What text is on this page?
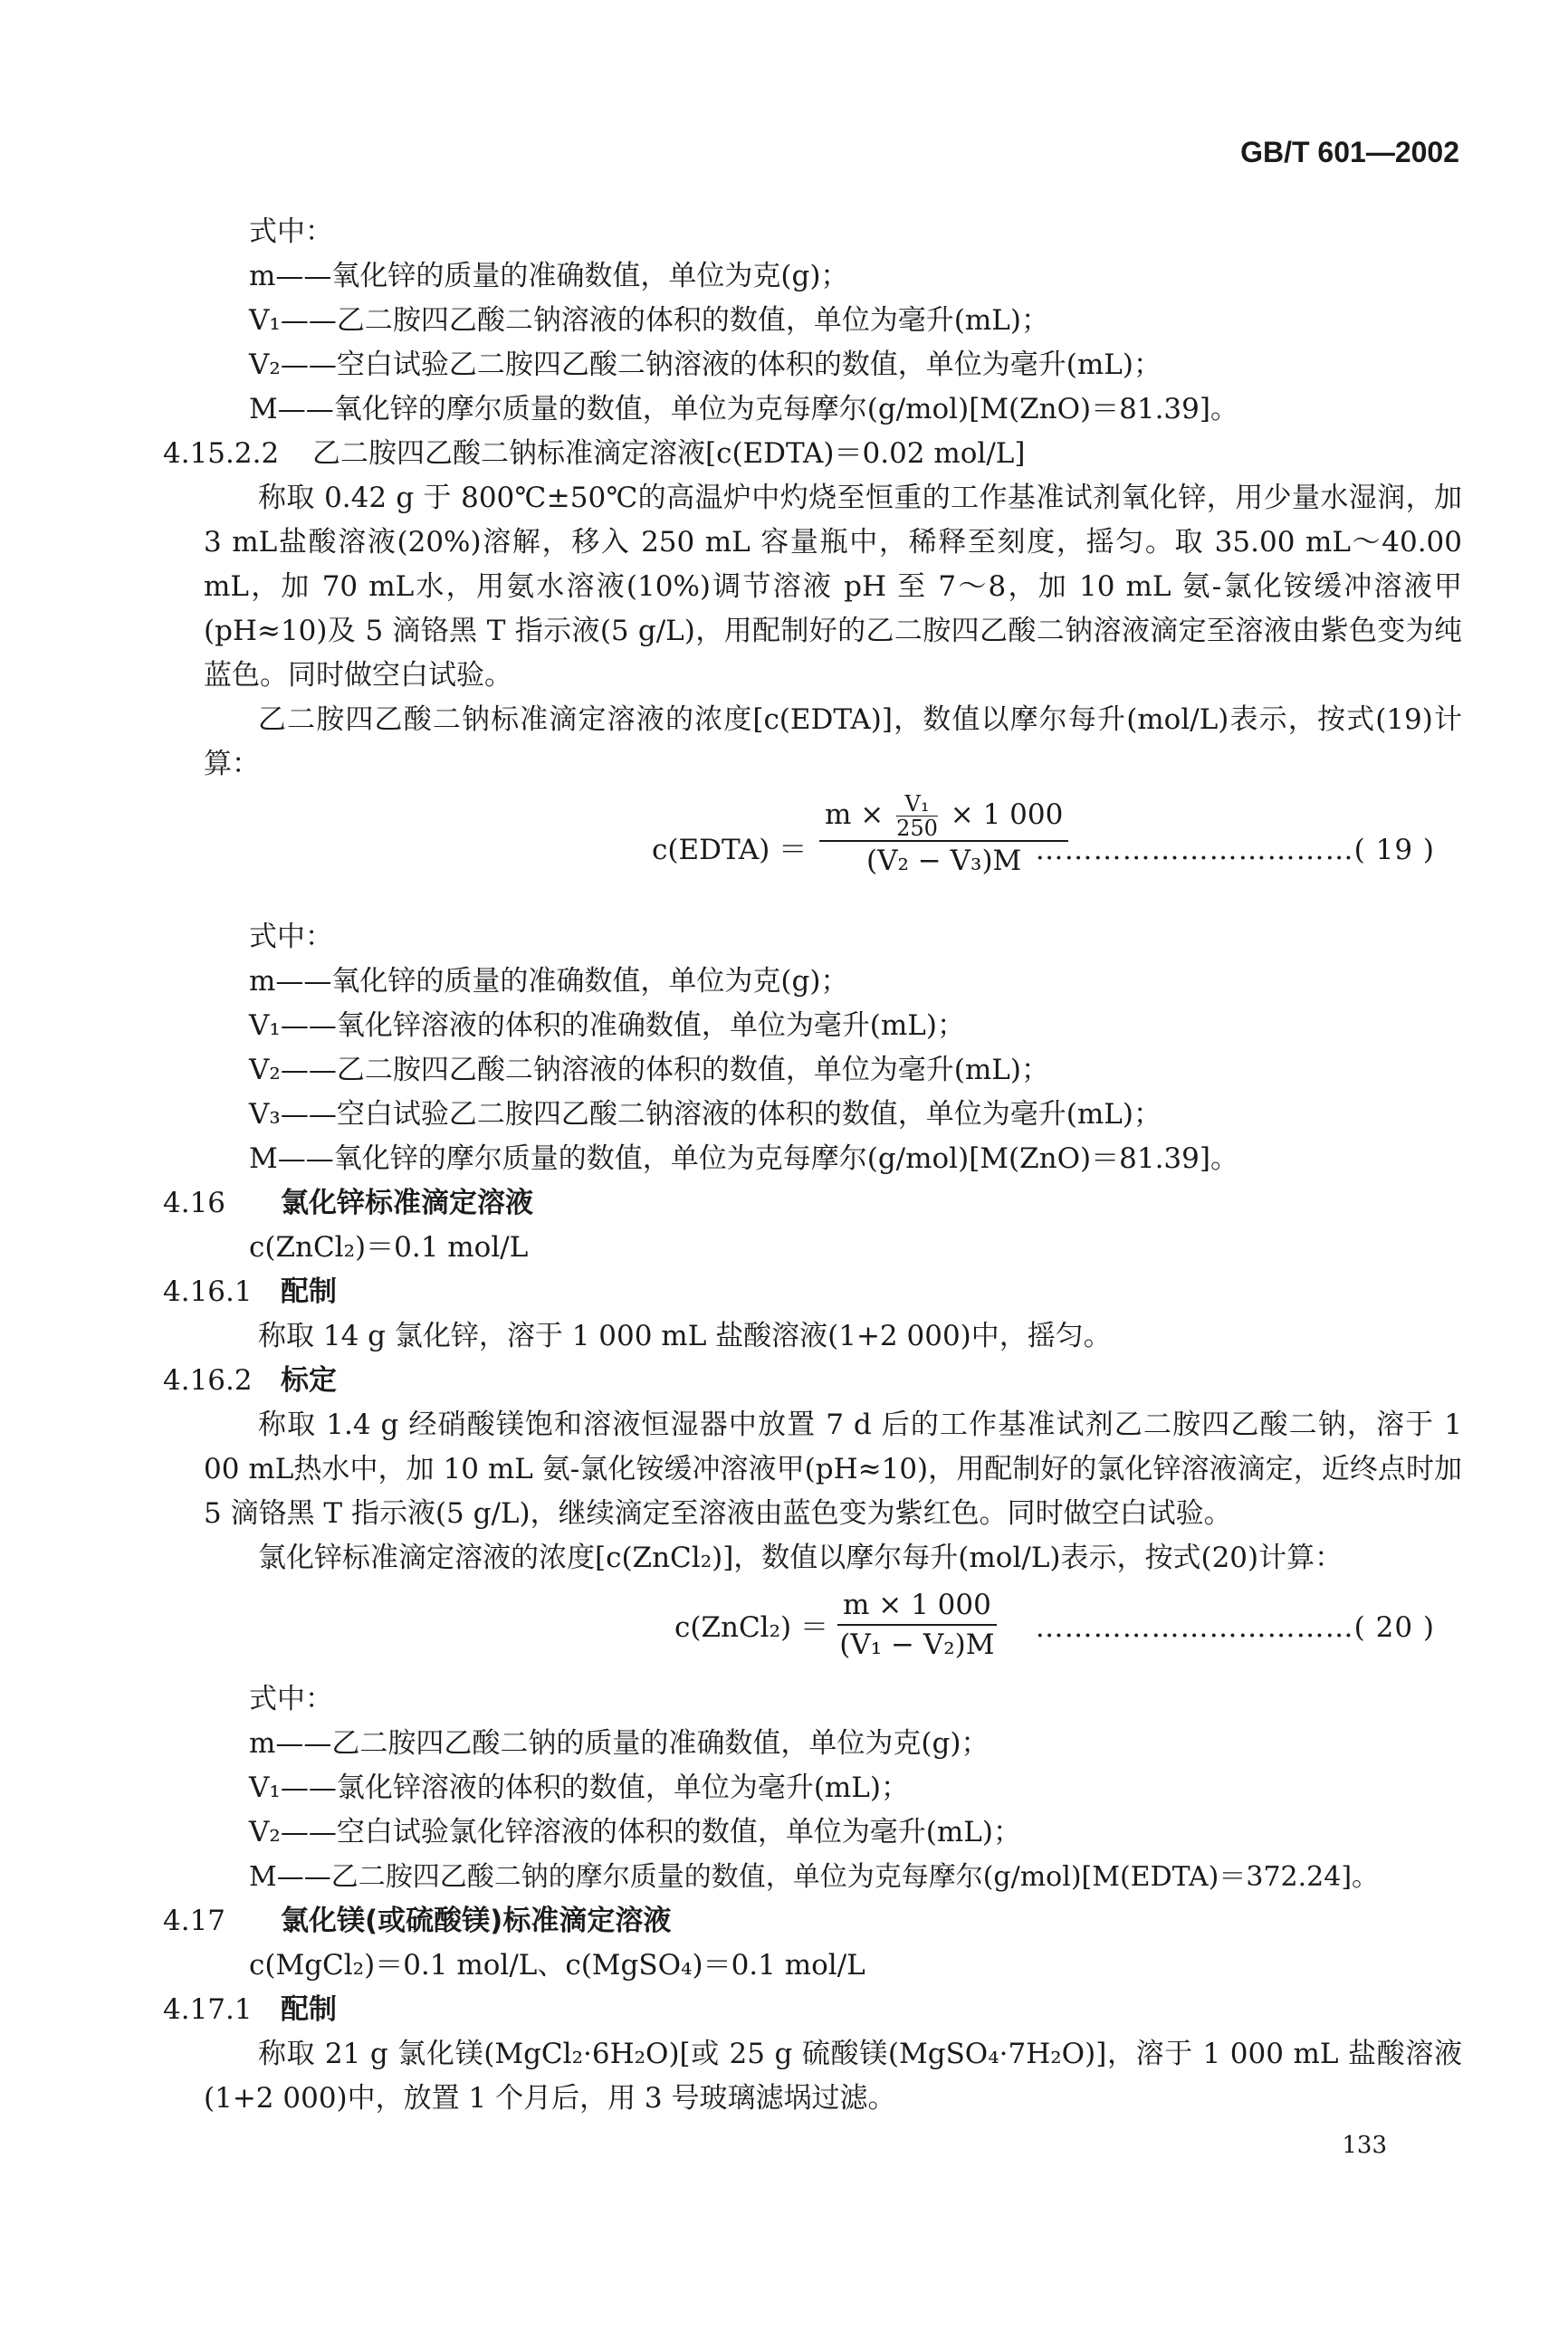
GB/T 601—2002
式中：
m——氧化锌的质量的准确数值，单位为克(g)；
V₁——乙二胺四乙酸二钠溶液的体积的数值，单位为毫升(mL)；
V₂——空白试验乙二胺四乙酸二钠溶液的体积的数值，单位为毫升(mL)；
M——氧化锌的摩尔质量的数值，单位为克每摩尔(g/mol)[M(ZnO)＝81.39]。
4.15.2.2 乙二胺四乙酸二钠标准滴定溶液[c(EDTA)＝0.02 mol/L]
称取 0.42 g 于 800℃±50℃的高温炉中灼烧至恒重的工作基准试剂氧化锌，用少量水湿润，加 3 mL盐酸溶液(20%)溶解，移入 250 mL 容量瓶中，稀释至刻度，摇匀。取 35.00 mL～40.00 mL，加 70 mL水，用氨水溶液(10%)调节溶液 pH 至 7～8，加 10 mL 氨-氯化铵缓冲溶液甲(pH≈10)及 5 滴铬黑 T 指示液(5 g/L)，用配制好的乙二胺四乙酸二钠溶液滴定至溶液由紫色变为纯蓝色。同时做空白试验。
乙二胺四乙酸二钠标准滴定溶液的浓度[c(EDTA)]，数值以摩尔每升(mol/L)表示，按式(19)计算：
c(EDTA) ＝
$m \times \frac{\text{V₁}}{250} \times 1$ 000
(V₂ − V₃)M ……………………………( 19 )
式中：
m——氧化锌的质量的准确数值，单位为克(g)；
V₁——氧化锌溶液的体积的准确数值，单位为毫升(mL)；
V₂——乙二胺四乙酸二钠溶液的体积的数值，单位为毫升(mL)；
V₃——空白试验乙二胺四乙酸二钠溶液的体积的数值，单位为毫升(mL)；
M——氧化锌的摩尔质量的数值，单位为克每摩尔(g/mol)[M(ZnO)＝81.39]。
4.16 氯化锌标准滴定溶液
c(ZnCl₂)＝0.1 mol/L
4.16.1 配制
称取 14 g 氯化锌，溶于 1 000 mL 盐酸溶液(1+2 000)中，摇匀。
4.16.2 标定
称取 1.4 g 经硝酸镁饱和溶液恒湿器中放置 7 d 后的工作基准试剂乙二胺四乙酸二钠，溶于 1 00 mL热水中，加 10 mL 氨-氯化铵缓冲溶液甲(pH≈10)，用配制好的氯化锌溶液滴定，近终点时加 5 滴铬黑 T 指示液(5 g/L)，继续滴定至溶液由蓝色变为紫红色。同时做空白试验。
氯化锌标准滴定溶液的浓度[c(ZnCl₂)]，数值以摩尔每升(mol/L)表示，按式(20)计算：
c(ZnCl₂) ＝ $\frac{m \times 1 000}{\text{(V₁ − V₂)M}}$ ……………………………( 20 )
式中：
m——乙二胺四乙酸二钠的质量的准确数值，单位为克(g)；
V₁——氯化锌溶液的体积的数值，单位为毫升(mL)；
V₂——空白试验氯化锌溶液的体积的数值，单位为毫升(mL)；
M——乙二胺四乙酸二钠的摩尔质量的数值，单位为克每摩尔(g/mol)[M(EDTA)＝372.24]。
4.17 氯化镁(或硫酸镁)标准滴定溶液
c(MgCl₂)＝0.1 mol/L、c(MgSO₄)＝0.1 mol/L
4.17.1 配制
称取 21 g 氯化镁(MgCl₂·6H₂O)[或 25 g 硫酸镁(MgSO₄·7H₂O)]，溶于 1 000 mL 盐酸溶液(1+2 000)中，放置 1 个月后，用 3 号玻璃滤埚过滤。
133
